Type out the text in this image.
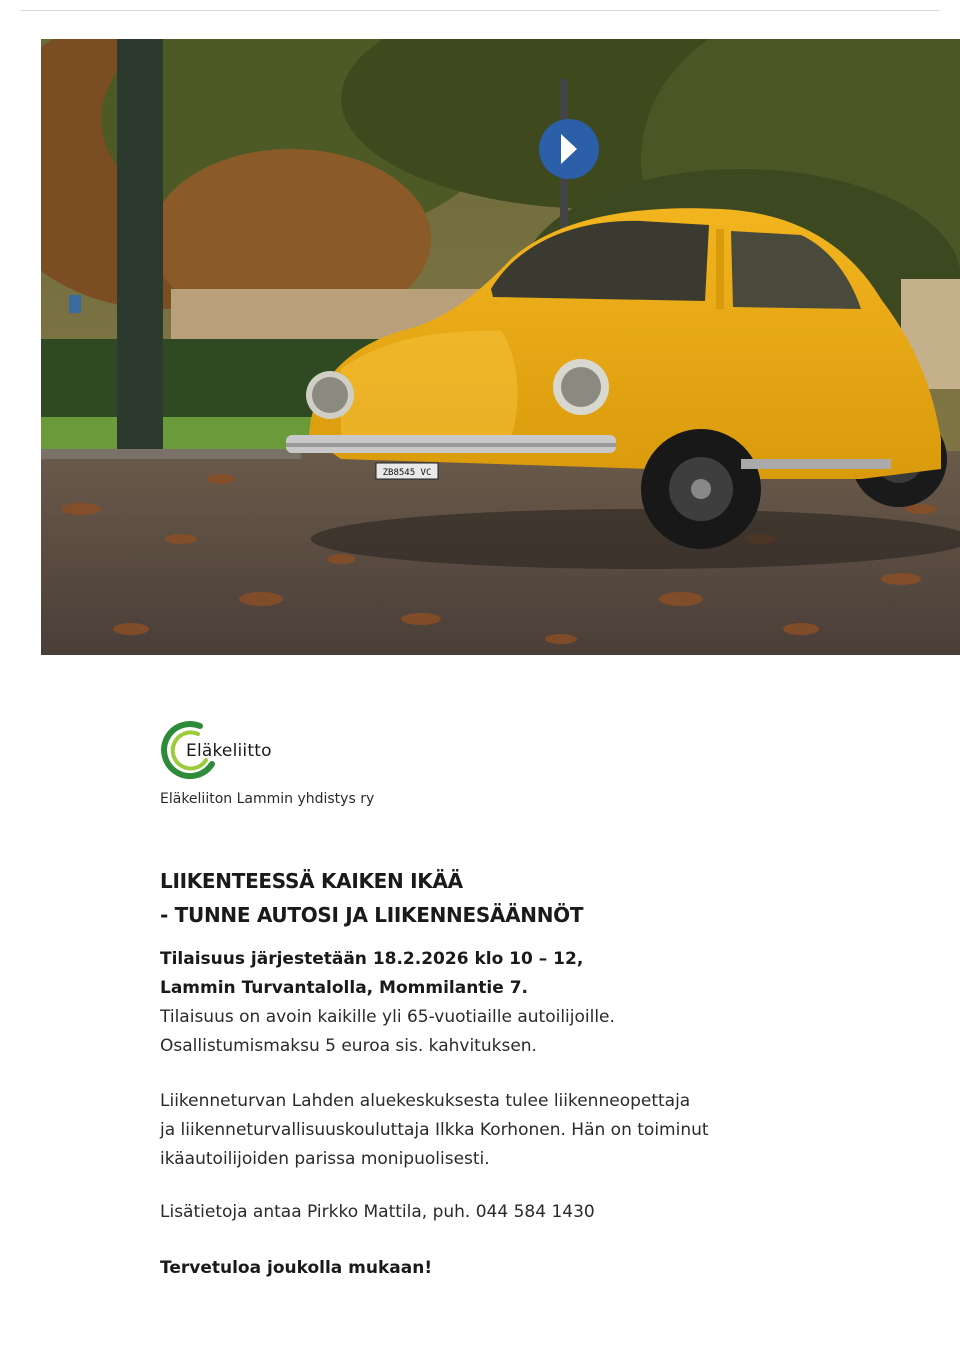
ZB8545 VC
Eläkeliitto
Eläkeliiton Lammin yhdistys ry
LIIKENTEESSÄ KAIKEN IKÄÄ
- TUNNE AUTOSI JA LIIKENNESÄÄNNÖT
Tilaisuus järjestetään 18.2.2026 klo 10 – 12,
Lammin Turvantalolla, Mommilantie 7.
Tilaisuus on avoin kaikille yli 65-vuotiaille autoilijoille.
Osallistumismaksu 5 euroa sis. kahvituksen.
Liikenneturvan Lahden aluekeskuksesta tulee liikenneopettaja
ja liikenneturvallisuuskouluttaja Ilkka Korhonen. Hän on toiminut
ikäautoilijoiden parissa monipuolisesti.
Lisätietoja antaa Pirkko Mattila, puh. 044 584 1430
Tervetuloa joukolla mukaan!
